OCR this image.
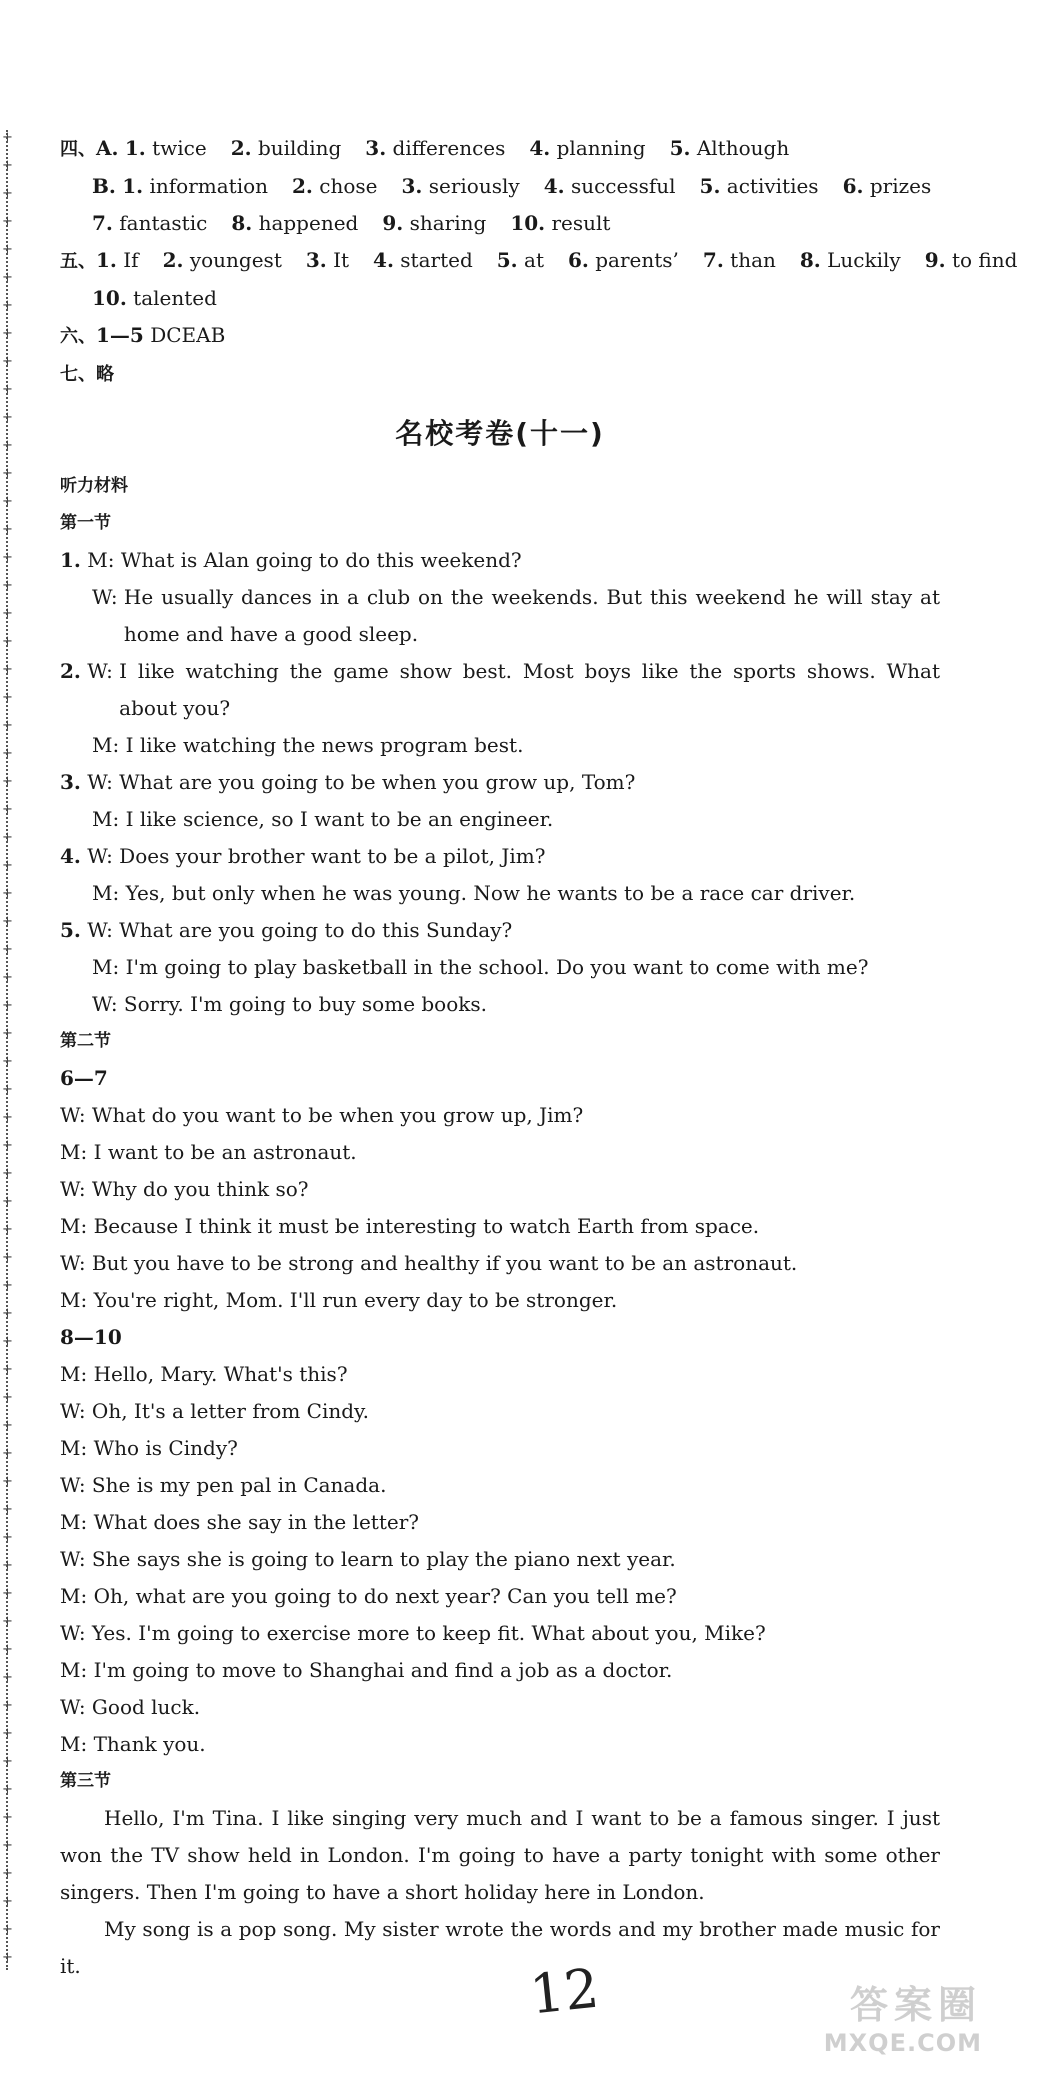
+
+
+
+
+
+
+
+
+
+
+
+
+
+
+
+
+
+
+
+
+
+
+
+
+
+
+
+
+
+
+
+
+
+
+
+
+
+
+
+
+
+
+
+
+
+
+
+
+
+
+
+
+
+
+
+
+
+
+
+
+
+
+
+
+
+
四、A. 1. twice 2. building 3. differences 4. planning 5. Although
B. 1. information 2. chose 3. seriously 4. successful 5. activities 6. prizes
7. fantastic 8. happened 9. sharing 10. result
五、1. If 2. youngest 3. It 4. started 5. at 6. parents’ 7. than 8. Luckily 9. to find
10. talented
六、1—5 DCEAB
七、略
名校考卷(十一)
听力材料
第一节
1. M: What is Alan going to do this weekend?
W: He usually dances in a club on the weekends. But this weekend he will stay at home and have a good sleep.
2. W: I like watching the game show best. Most boys like the sports shows. What about you?
M: I like watching the news program best.
3. W: What are you going to be when you grow up, Tom?
M: I like science, so I want to be an engineer.
4. W: Does your brother want to be a pilot, Jim?
M: Yes, but only when he was young. Now he wants to be a race car driver.
5. W: What are you going to do this Sunday?
M: I'm going to play basketball in the school. Do you want to come with me?
W: Sorry. I'm going to buy some books.
第二节
6—7
W: What do you want to be when you grow up, Jim?
M: I want to be an astronaut.
W: Why do you think so?
M: Because I think it must be interesting to watch Earth from space.
W: But you have to be strong and healthy if you want to be an astronaut.
M: You're right, Mom. I'll run every day to be stronger.
8—10
M: Hello, Mary. What's this?
W: Oh, It's a letter from Cindy.
M: Who is Cindy?
W: She is my pen pal in Canada.
M: What does she say in the letter?
W: She says she is going to learn to play the piano next year.
M: Oh, what are you going to do next year? Can you tell me?
W: Yes. I'm going to exercise more to keep fit. What about you, Mike?
M: I'm going to move to Shanghai and find a job as a doctor.
W: Good luck.
M: Thank you.
第三节
Hello, I'm Tina. I like singing very much and I want to be a famous singer. I just won the TV show held in London. I'm going to have a party tonight with some other singers. Then I'm going to have a short holiday here in London.
My song is a pop song. My sister wrote the words and my brother made music for it.	12	答案圈
MXQE.COM
